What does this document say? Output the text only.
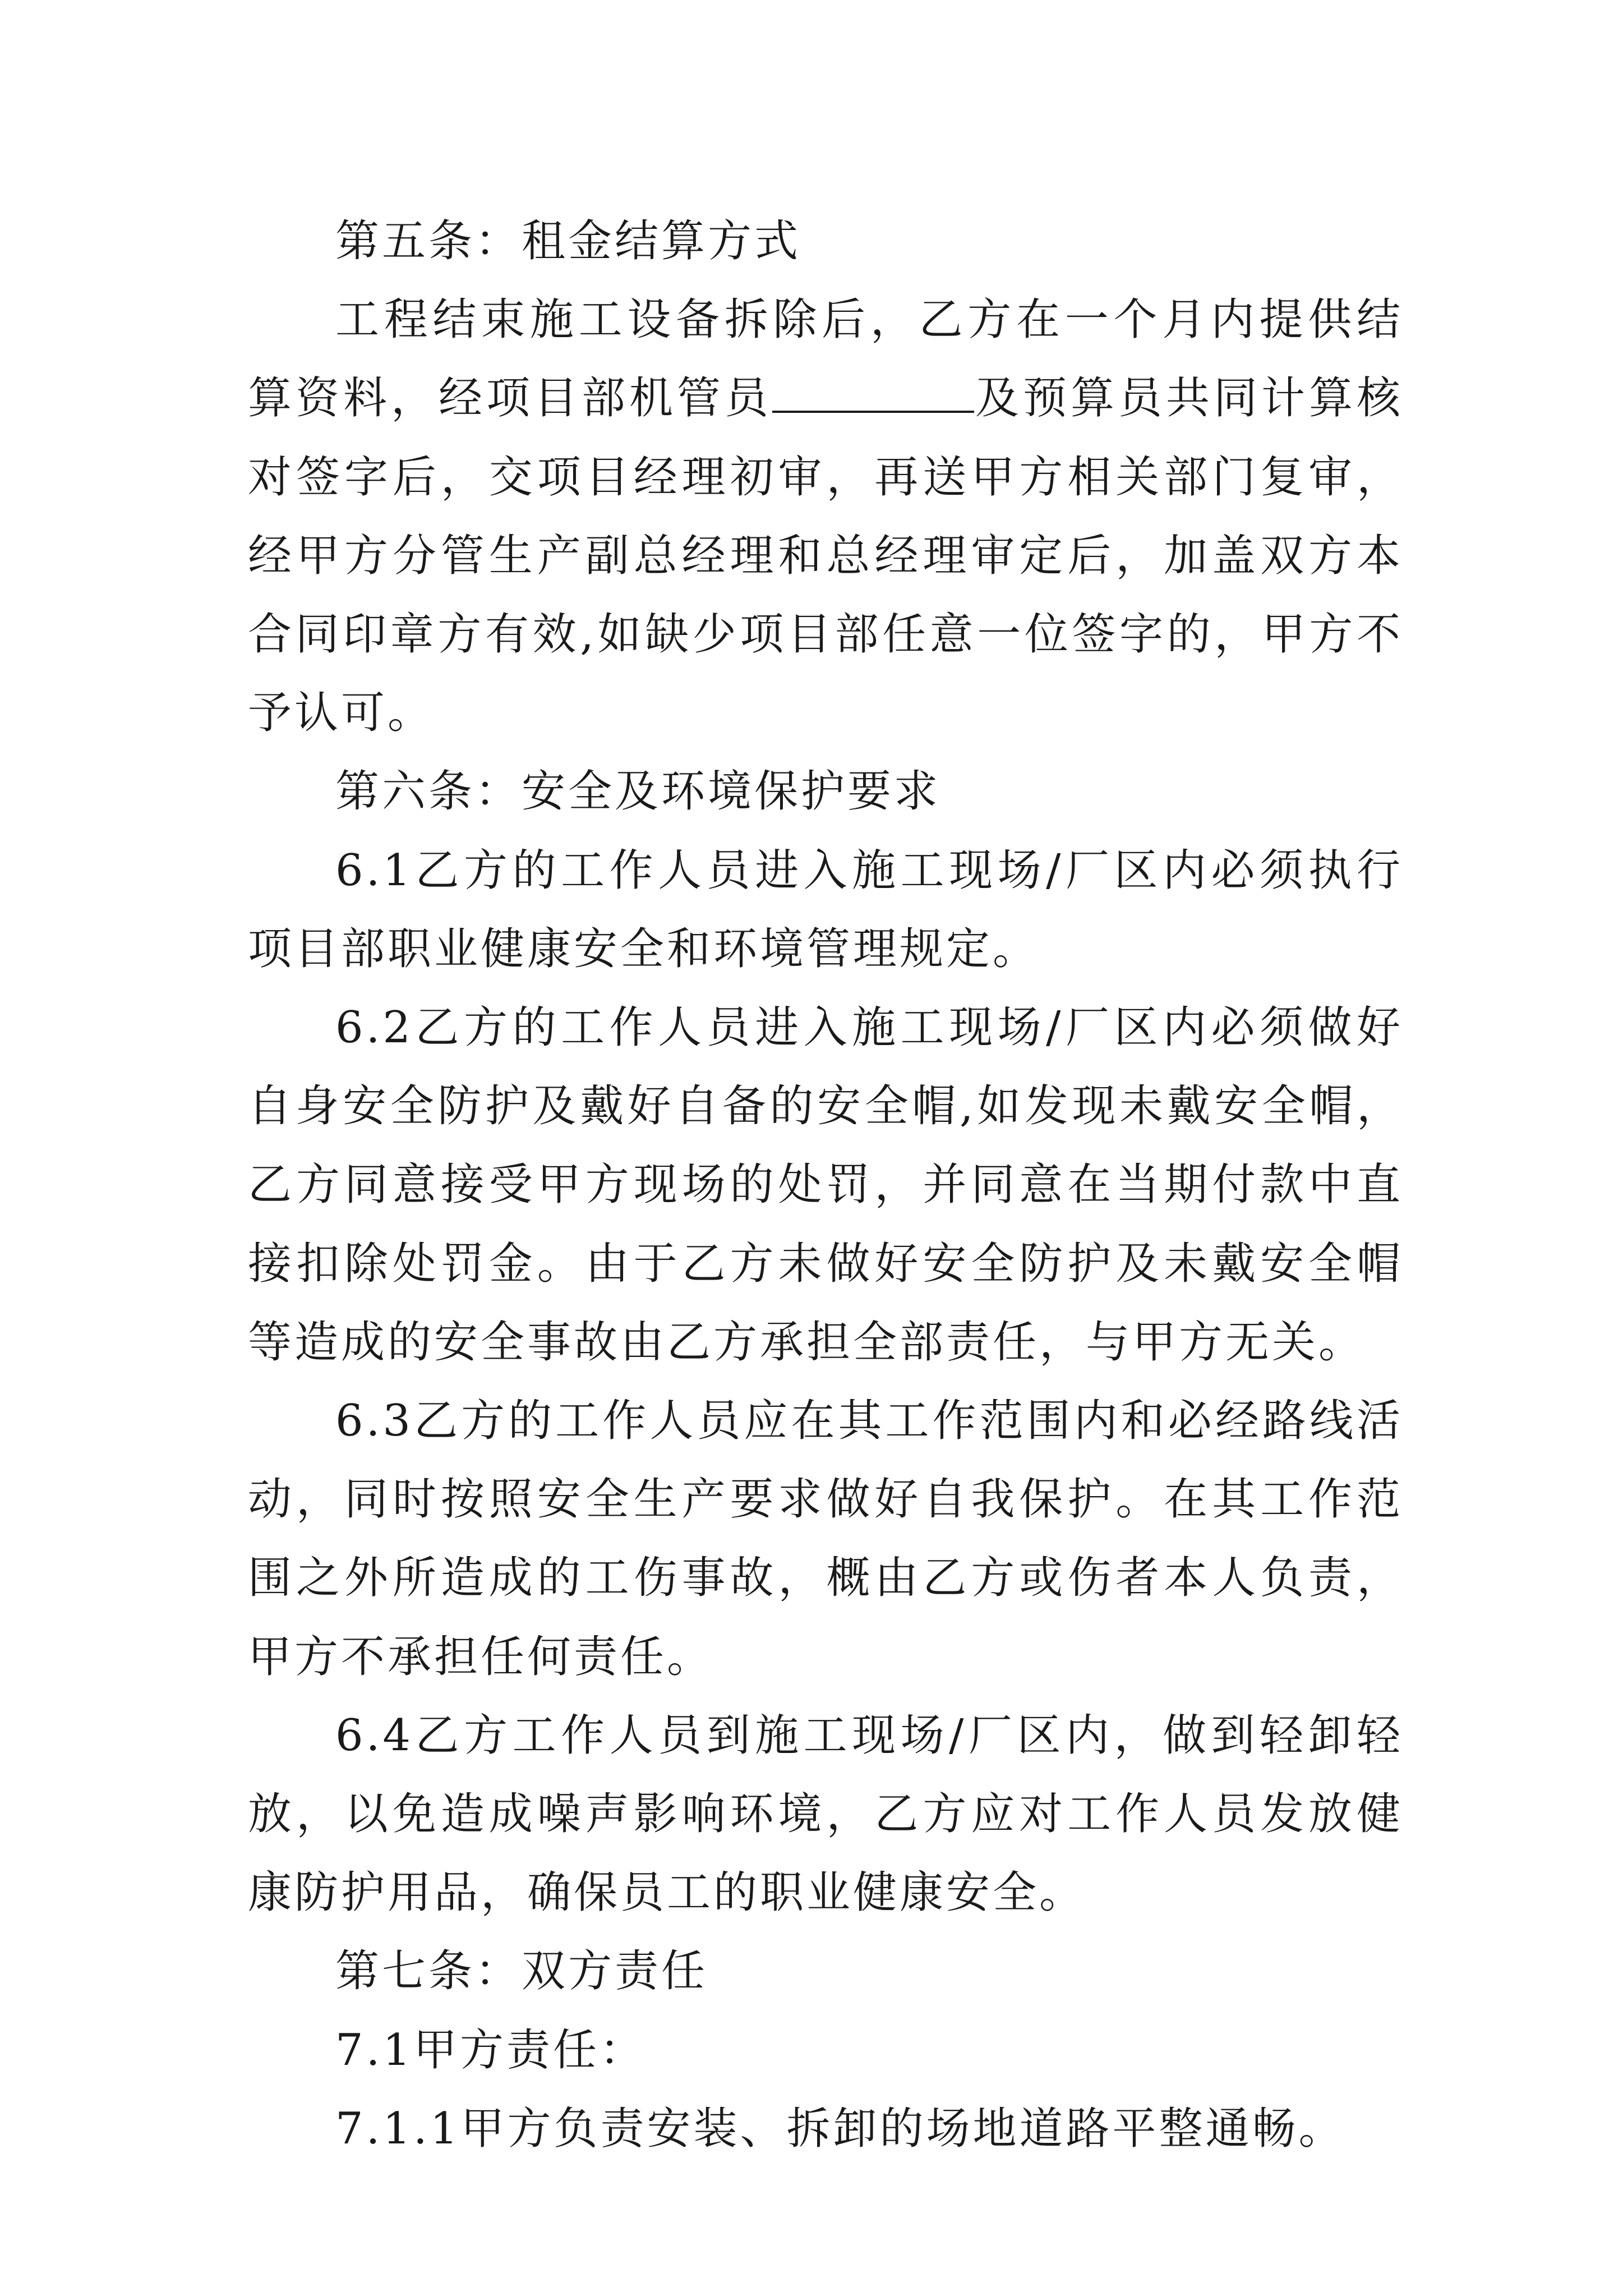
第五条：租金结算方式

工程结束施工设备拆除后，乙方在一个月内提供结算资料，经项目部机管员	及预算员共同计算核对签字后，交项目经理初审，再送甲方相关部门复审，经甲方分管生产副总经理和总经理审定后，加盖双方本合同印章方有效,如缺少项目部任意一位签字的，甲方不予认可。

第六条：安全及环境保护要求

6.1乙方的工作人员进入施工现场/厂区内必须执行项目部职业健康安全和环境管理规定。

6.2乙方的工作人员进入施工现场/厂区内必须做好自身安全防护及戴好自备的安全帽,如发现未戴安全帽，乙方同意接受甲方现场的处罚，并同意在当期付款中直接扣除处罚金。由于乙方未做好安全防护及未戴安全帽等造成的安全事故由乙方承担全部责任，与甲方无关。

6.3乙方的工作人员应在其工作范围内和必经路线活动，同时按照安全生产要求做好自我保护。在其工作范围之外所造成的工伤事故，概由乙方或伤者本人负责，甲方不承担任何责任。

6.4乙方工作人员到施工现场/厂区内，做到轻卸轻放，以免造成噪声影响环境，乙方应对工作人员发放健康防护用品，确保员工的职业健康安全。

第七条：双方责任

7.1甲方责任：

7.1.1甲方负责安装、拆卸的场地道路平整通畅。
